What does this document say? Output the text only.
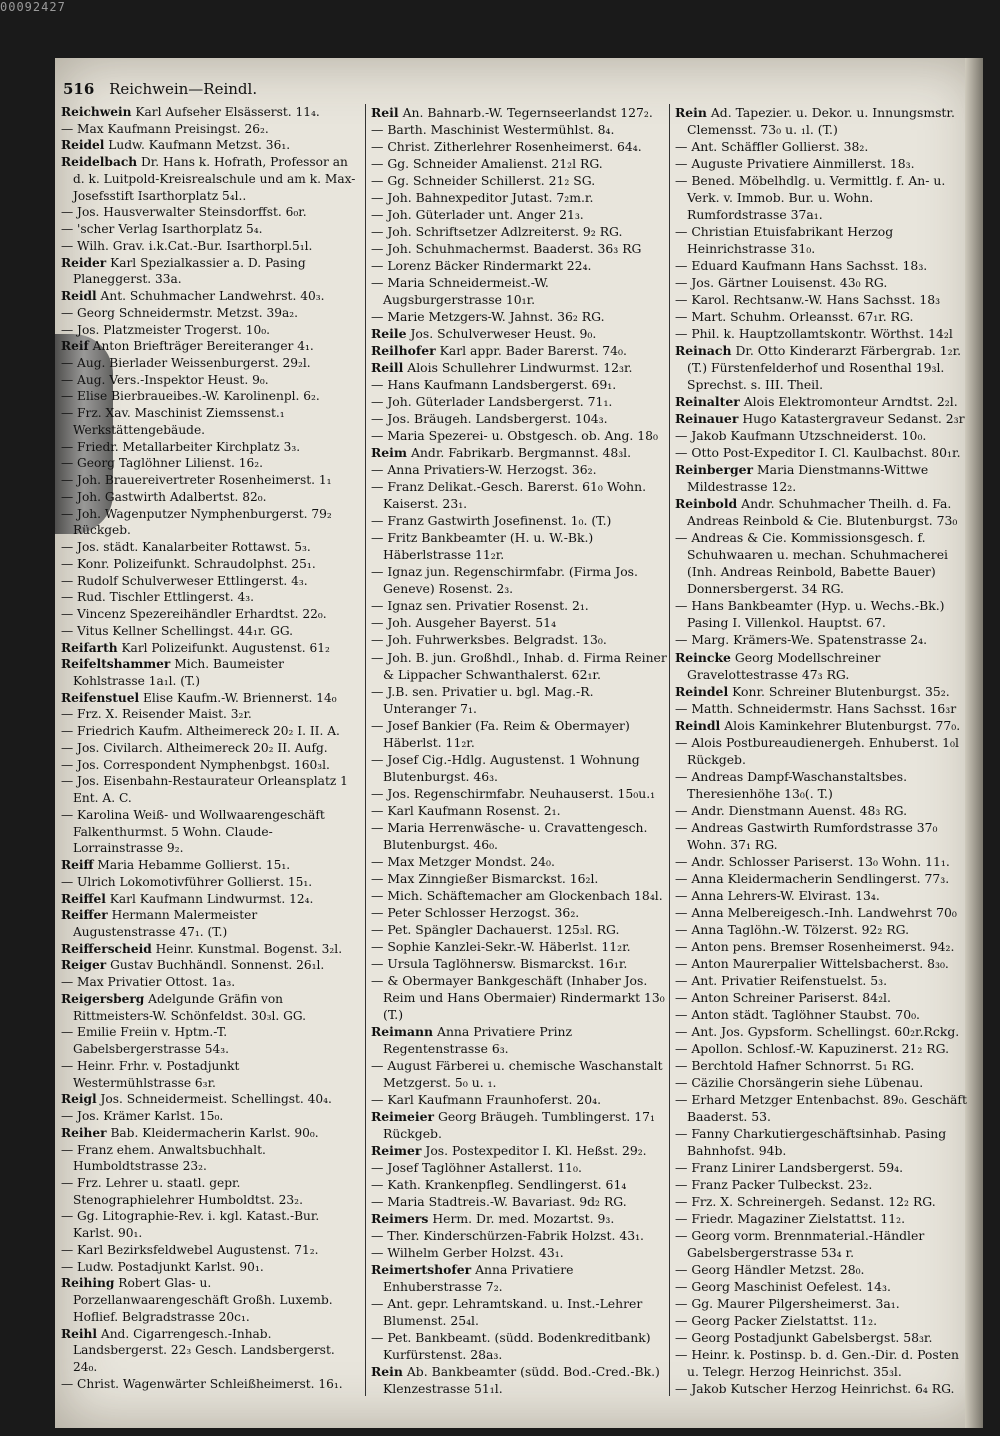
00092427
516 Reichwein—Reindl.

Reichwein Karl Aufseher Elsässerst. 11₄.

— Max Kaufmann Preisingst. 26₂.

Reidel Ludw. Kaufmann Metzst. 36₁.

Reidelbach Dr. Hans k. Hofrath, Professor an d. k. Luitpold-Kreisrealschule und am k. Max-Josefsstift Isarthorplatz 5₄l..

— Jos. Hausverwalter Steinsdorffst. 6₀r.

— 'scher Verlag Isarthorplatz 5₄.

— Wilh. Grav. i.k.Cat.-Bur. Isarthorpl.5₁l.

Reider Karl Spezialkassier a. D. Pasing Planeggerst. 33a.

Reidl Ant. Schuhmacher Landwehrst. 40₃.

— Georg Schneidermstr. Metzst. 39a₂.

— Jos. Platzmeister Trogerst. 10₀.

Reif Anton Briefträger Bereiteranger 4₁.

— Aug. Bierlader Weissenburgerst. 29₂l.

— Aug. Vers.-Inspektor Heust. 9₀.

— Elise Bierbraueibes.-W. Karolinenpl. 6₂.

— Frz. Xav. Maschinist Ziemssenst.₁ Werkstättengebäude.

— Friedr. Metallarbeiter Kirchplatz 3₃.

— Georg Taglöhner Lilienst. 16₂.

— Joh. Brauereivertreter Rosenheimerst. 1₁

— Joh. Gastwirth Adalbertst. 82₀.

— Joh. Wagenputzer Nymphenburgerst. 79₂ Rückgeb.

— Jos. städt. Kanalarbeiter Rottawst. 5₃.

— Konr. Polizeifunkt. Schraudolphst. 25₁.

— Rudolf Schulverweser Ettlingerst. 4₃.

— Rud. Tischler Ettlingerst. 4₃.

— Vincenz Spezereihändler Erhardtst. 22₀.

— Vitus Kellner Schellingst. 44₁r. GG.

Reifarth Karl Polizeifunkt. Augustenst. 61₂

Reifeltshammer Mich. Baumeister Kohlstrasse 1a₁l. (T.)

Reifenstuel Elise Kaufm.-W. Briennerst. 14₀

— Frz. X. Reisender Maist. 3₂r.

— Friedrich Kaufm. Altheimereck 20₂ I. II. A.

— Jos. Civilarch. Altheimereck 20₂ II. Aufg.

— Jos. Correspondent Nymphenbgst. 160₃l.

— Jos. Eisenbahn-Restaurateur Orleansplatz 1 Ent. A. C.

— Karolina Weiß- und Wollwaarengeschäft Falkenthurmst. 5 Wohn. Claude-Lorrainstrasse 9₂.

Reiff Maria Hebamme Gollierst. 15₁.

— Ulrich Lokomotivführer Gollierst. 15₁.

Reiffel Karl Kaufmann Lindwurmst. 12₄.

Reiffer Hermann Malermeister Augustenstrasse 47₁. (T.)

Reifferscheid Heinr. Kunstmal. Bogenst. 3₂l.

Reiger Gustav Buchhändl. Sonnenst. 26₁l.

— Max Privatier Ottost. 1a₃.

Reigersberg Adelgunde Gräfin von Rittmeisters-W. Schönfeldst. 30₃l. GG.

— Emilie Freiin v. Hptm.-T. Gabelsbergerstrasse 54₃.

— Heinr. Frhr. v. Postadjunkt Westermühlstrasse 6₃r.

Reigl Jos. Schneidermeist. Schellingst. 40₄.

— Jos. Krämer Karlst. 15₀.

Reiher Bab. Kleidermacherin Karlst. 90₀.

— Franz ehem. Anwaltsbuchhalt. Humboldtstrasse 23₂.

— Frz. Lehrer u. staatl. gepr. Stenographielehrer Humboldtst. 23₂.

— Gg. Litographie-Rev. i. kgl. Katast.-Bur. Karlst. 90₁.

— Karl Bezirksfeldwebel Augustenst. 71₂.

— Ludw. Postadjunkt Karlst. 90₁.

Reihing Robert Glas- u. Porzellanwaarengeschäft Großh. Luxemb. Hoflief. Belgradstrasse 20c₁.

Reihl And. Cigarrengesch.-Inhab. Landsbergerst. 22₃ Gesch. Landsbergerst. 24₀.

— Christ. Wagenwärter Schleißheimerst. 16₁.

Reil An. Bahnarb.-W. Tegernseerlandst 127₂.

— Barth. Maschinist Westermühlst. 8₄.

— Christ. Zitherlehrer Rosenheimerst. 64₄.

— Gg. Schneider Amalienst. 21₂l RG.

— Gg. Schneider Schillerst. 21₂ SG.

— Joh. Bahnexpeditor Jutast. 7₂m.r.

— Joh. Güterlader unt. Anger 21₃.

— Joh. Schriftsetzer Adlzreiterst. 9₂ RG.

— Joh. Schuhmachermst. Baaderst. 36₃ RG

— Lorenz Bäcker Rindermarkt 22₄.

— Maria Schneidermeist.-W. Augsburgerstrasse 10₁r.

— Marie Metzgers-W. Jahnst. 36₂ RG.

Reile Jos. Schulverweser Heust. 9₀.

Reilhofer Karl appr. Bader Barerst. 74₀.

Reill Alois Schullehrer Lindwurmst. 12₃r.

— Hans Kaufmann Landsbergerst. 69₁.

— Joh. Güterlader Landsbergerst. 71₁.

— Jos. Bräugeh. Landsbergerst. 104₃.

— Maria Spezerei- u. Obstgesch. ob. Ang. 18₀

Reim Andr. Fabrikarb. Bergmannst. 48₃l.

— Anna Privatiers-W. Herzogst. 36₂.

— Franz Delikat.-Gesch. Barerst. 61₀ Wohn. Kaiserst. 23₁.

— Franz Gastwirth Josefinenst. 1₀. (T.)

— Fritz Bankbeamter (H. u. W.-Bk.) Häberlstrasse 11₂r.

— Ignaz jun. Regenschirmfabr. (Firma Jos. Geneve) Rosenst. 2₃.

— Ignaz sen. Privatier Rosenst. 2₁.

— Joh. Ausgeher Bayerst. 51₄

— Joh. Fuhrwerksbes. Belgradst. 13₀.

— Joh. B. jun. Großhdl., Inhab. d. Firma Reiner & Lippacher Schwanthalerst. 62₁r.

— J.B. sen. Privatier u. bgl. Mag.-R. Unteranger 7₁.

— Josef Bankier (Fa. Reim & Obermayer) Häberlst. 11₂r.

— Josef Cig.-Hdlg. Augustenst. 1 Wohnung Blutenburgst. 46₃.

— Jos. Regenschirmfabr. Neuhauserst. 15₀u.₁

— Karl Kaufmann Rosenst. 2₁.

— Maria Herrenwäsche- u. Cravattengesch. Blutenburgst. 46₀.

— Max Metzger Mondst. 24₀.

— Max Zinngießer Bismarckst. 16₂l.

— Mich. Schäftemacher am Glockenbach 18₄l.

— Peter Schlosser Herzogst. 36₂.

— Pet. Spängler Dachauerst. 125₃l. RG.

— Sophie Kanzlei-Sekr.-W. Häberlst. 11₂r.

— Ursula Taglöhnersw. Bismarckst. 16₁r.

— & Obermayer Bankgeschäft (Inhaber Jos. Reim und Hans Obermaier) Rindermarkt 13₀ (T.)

Reimann Anna Privatiere Prinz Regentenstrasse 6₃.

— August Färberei u. chemische Waschanstalt Metzgerst. 5₀ u. ₁.

— Karl Kaufmann Fraunhoferst. 20₄.

Reimeier Georg Bräugeh. Tumblingerst. 17₁ Rückgeb.

Reimer Jos. Postexpeditor I. Kl. Heßst. 29₂.

— Josef Taglöhner Astallerst. 11₀.

— Kath. Krankenpfleg. Sendlingerst. 61₄

— Maria Stadtreis.-W. Bavariast. 9d₂ RG.

Reimers Herm. Dr. med. Mozartst. 9₃.

— Ther. Kinderschürzen-Fabrik Holzst. 43₁.

— Wilhelm Gerber Holzst. 43₁.

Reimertshofer Anna Privatiere Enhuberstrasse 7₂.

— Ant. gepr. Lehramtskand. u. Inst.-Lehrer Blumenst. 25₄l.

— Pet. Bankbeamt. (südd. Bodenkreditbank) Kurfürstenst. 28a₃.

Rein Ab. Bankbeamter (südd. Bod.-Cred.-Bk.) Klenzestrasse 51₁l.

Rein Ad. Tapezier. u. Dekor. u. Innungsmstr. Clemensst. 73₀ u. ₁l. (T.)

— Ant. Schäffler Gollierst. 38₂.

— Auguste Privatiere Ainmillerst. 18₃.

— Bened. Möbelhdlg. u. Vermittlg. f. An- u. Verk. v. Immob. Bur. u. Wohn. Rumfordstrasse 37a₁.

— Christian Etuisfabrikant Herzog Heinrichstrasse 31₀.

— Eduard Kaufmann Hans Sachsst. 18₃.

— Jos. Gärtner Louisenst. 43₀ RG.

— Karol. Rechtsanw.-W. Hans Sachsst. 18₃

— Mart. Schuhm. Orleansst. 67₁r. RG.

— Phil. k. Hauptzollamtskontr. Wörthst. 14₂l

Reinach Dr. Otto Kinderarzt Färbergrab. 1₂r. (T.) Fürstenfelderhof und Rosenthal 19₃l. Sprechst. s. III. Theil.

Reinalter Alois Elektromonteur Arndtst. 2₂l.

Reinauer Hugo Katastergraveur Sedanst. 2₃r

— Jakob Kaufmann Utzschneiderst. 10₀.

— Otto Post-Expeditor I. Cl. Kaulbachst. 80₁r.

Reinberger Maria Dienstmanns-Wittwe Mildestrasse 12₂.

Reinbold Andr. Schuhmacher Theilh. d. Fa. Andreas Reinbold & Cie. Blutenburgst. 73₀

— Andreas & Cie. Kommissionsgesch. f. Schuhwaaren u. mechan. Schuhmacherei (Inh. Andreas Reinbold, Babette Bauer) Donnersbergerst. 34 RG.

— Hans Bankbeamter (Hyp. u. Wechs.-Bk.) Pasing I. Villenkol. Hauptst. 67.

— Marg. Krämers-We. Spatenstrasse 2₄.

Reincke Georg Modellschreiner Gravelottestrasse 47₃ RG.

Reindel Konr. Schreiner Blutenburgst. 35₂.

— Matth. Schneidermstr. Hans Sachsst. 16₃r

Reindl Alois Kaminkehrer Blutenburgst. 77₀.

— Alois Postbureaudienergeh. Enhuberst. 1₀l Rückgeb.

— Andreas Dampf-Waschanstaltsbes. Theresienhöhe 13₀(. T.)

— Andr. Dienstmann Auenst. 48₃ RG.

— Andreas Gastwirth Rumfordstrasse 37₀ Wohn. 37₁ RG.

— Andr. Schlosser Pariserst. 13₀ Wohn. 11₁.

— Anna Kleidermacherin Sendlingerst. 77₃.

— Anna Lehrers-W. Elvirast. 13₄.

— Anna Melbereigesch.-Inh. Landwehrst 70₀

— Anna Taglöhn.-W. Tölzerst. 92₂ RG.

— Anton pens. Bremser Rosenheimerst. 94₂.

— Anton Maurerpalier Wittelsbacherst. 8₃₀.

— Ant. Privatier Reifenstuelst. 5₃.

— Anton Schreiner Pariserst. 84₂l.

— Anton städt. Taglöhner Staubst. 70₀.

— Ant. Jos. Gypsform. Schellingst. 60₂r.Rckg.

— Apollon. Schlosf.-W. Kapuzinerst. 21₂ RG.

— Berchtold Hafner Schnorrst. 5₁ RG.

— Cäzilie Chorsängerin siehe Lübenau.

— Erhard Metzger Entenbachst. 89₀. Geschäft Baaderst. 53.

— Fanny Charkutiergeschäftsinhab. Pasing Bahnhofst. 94b.

— Franz Linirer Landsbergerst. 59₄.

— Franz Packer Tulbeckst. 23₂.

— Frz. X. Schreinergeh. Sedanst. 12₂ RG.

— Friedr. Magaziner Zielstattst. 11₂.

— Georg vorm. Brennmaterial.-Händler Gabelsbergerstrasse 53₄ r.

— Georg Händler Metzst. 28₀.

— Georg Maschinist Oefelest. 14₃.

— Gg. Maurer Pilgersheimerst. 3a₁.

— Georg Packer Zielstattst. 11₂.

— Georg Postadjunkt Gabelsbergst. 58₃r.

— Heinr. k. Postinsp. b. d. Gen.-Dir. d. Posten u. Telegr. Herzog Heinrichst. 35₃l.

— Jakob Kutscher Herzog Heinrichst. 6₄ RG.
